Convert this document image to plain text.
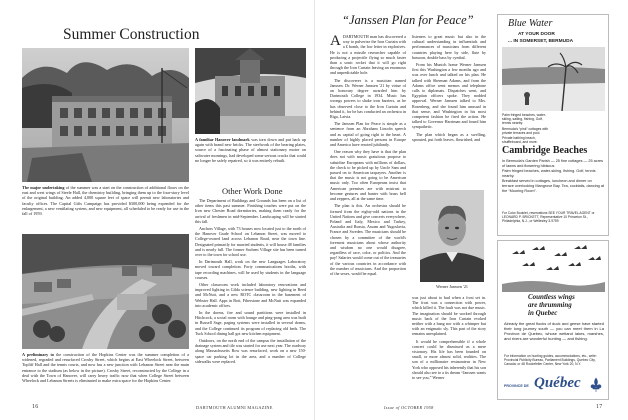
Summer Construction
The major undertaking of the summer was a start on the construction of additional floors on the east and west wings of Steele Hall, the chemistry building, bringing them up to the four-story level of the original building. An added 4,000 square feet of space will permit new laboratories and faculty offices. The Capital Gifts Campaign has provided $300,000 being expended for the enlargement, a new ventilating system, and new equipment, all scheduled to be ready for use in the fall of 1959.
A familiar Hanover landmark was torn down and put back up again with brand new bricks. The steelwork of the bearing plates, source of a fascinating phase of almost stationary motor on saltwater mornings, had developed some serious cracks that could no longer be safely repaired, so it was entirely rebuilt.
Other Work Done

The Department of Buildings and Grounds has been on a list of other items this past summer. Finishing touches were put on the Iron new Chester Road dormitories, making them ready for the arrival of freshmen in mid-September. Landscaping will be started this fall.

Anchors Village, with 73 houses now located just to the north of the Hanover Grade School on Lebanon Street, was moved to College-owned land across Lebanon Road, near the town line. Designated primarily for married students, it will house 48 families and is nearly full. The former Sachem Village site has been turned over to the town for school use.

In Dartmouth Hall, work on the new Languages Laboratory moved toward completion. Forty communications booths, with tape recording machines, will be used by students in the language courses.

Other classroom work included laboratory renovations and improved lighting in Gilda science building, new lighting in Reed and McNutt, and a new ROTC classroom in the basement of Webster Hall. Apps in Bott, Fiberstone and McNutt was expanded into academic offices.

In the dorms, fire and sound partitions were installed in Hitchcock, a social room with lounge and ping-pong area was built in Russell Sage, paging systems were installed in several dorms, and the College continued its program of replacing old beds. The Tuck School dining hall got new kitchen equipment.

Outdoors, on the north end of the campus the installation of the drainage system and tile was started for use next year. The roadway along Massachusetts Row was resurfaced, work on a new 150-space car parking lot in the area, and a number of College sidewalks were replaced.

A preliminary to the construction of the Hopkins Center was the summer completion of a widened, regraded and resurfaced Crosby Street, which begins at East Wheelock Street, between Topliff Hall and the tennis courts, and now has a new junction with Lebanon Street near the main entrance to the stadium (as below in the picture). Crosby Street, reconstructed by the College in a deal with the Town of Hanover, will carry heavy traffic now that when College Street between Wheelock and Lebanon Streets is eliminated to make extra space for the Hopkins Center.
16	DARTMOUTH ALUMNI MAGAZINE
“Janssen Plan for Peace”
A DARTMOUTH man has discovered a way to pulverize the Iron Curtain with a £ bomb, the low letter in explosives. He is not a missile researcher capable of producing a projectile flying so much faster than a sonic rocket that it will go right through the Iron Curtain leaving an enormous and unpredictable hole.

The discoverer is a musician named Janssen. Dr. Werner Janssen '21 by virtue of an honorary degree awarded him by Dartmouth College in 1934. Music has wrongs powers to shake iron barriers, as he has observed close to the Iron Curtain and behind it, for he has conducted an orchestra in Riga, Latvia.

The Janssen Plan for Peace is simple as a sentence from an Abraham Lincoln speech and as capital of going right to the heart. A number of highly placed persons in Europe and America have reacted jubilantly.

One reason why they have is that the plan does not with music gratuitous propose to subsidize Europeans with millions of dollars, the check to be picked up by Uncle Sam and passed on to American taxpayers. Another is that the music is not going to be American music only. Too often Europeans insist that American premises are with mistrust to become gestures and banter with brass bell and zeppers, all at the same time.

The plan is this. An orchestra should be formed from the eighty-odd nations in the United Nations and give concerts everywhere, Poland and Italy, Mexico and Turkey, Australia and Russia, Assam and Yugoslavia, France and Sweden. The musicians should be chosen by a committee of the world's foremost musicians about whose authority and wisdom no one would disagree, regardless of race, color, or politics. And the pay! Salaries would come out of the treasuries of the various countries in accordance with the number of musicians. And the proportion of the sexes, would be equal.

listeners to great music but also in the cultural understanding in influentials and performances of musicians from different countries playing here by side, flute by bassoon, double bass by cymbal.

From his Munich home Werner Janssen first this Washington a few months ago and was over lunch and talked on his plan. He talked with Sherman Adams, and from the Adams office went memos and telephone calls to diplomats. Dispatches went, and Egyptian officers spoke. They nodded approval. Werner Janssen talked to Mrs. Rosenberg, and she found him unusual in that sense, and Washington in his most competent fashion he fired the action. He talked to Governor Harriman and found him sympathetic.

The plan which began as a swelling, sprouted, put forth leaves, flourished, and

Werner Janssen '21

was just about to bud when a frost set in. The frost was a connection with power, which killed it. The fault was not due music. The imagination should be worked through music back of the Iron Curtain evoked neither with a bang nor with a whimper but with an enigmatic sly. This part of the story remains unexplained.

It would be comprehensible if a whole concert could be dismissed as a mere visionary. His life has been founded on small, or more almost solid, realities. The son of a millionaire restaurateur in New York who opposed his inherently that his son should also see to a its dream “Janssen wants to see you,” Werner

Issue of OCTOBER 1958	17
Blue Water
AT YOUR DOOR
... IN SOMERSET, BERMUDA
Palm fringed beaches, water-skiing, sailing, fishing, Golf, tennis nearby.
Bermuda's “pink” cottages with private terraces and pool.
Private bathing beach, shuffleboard, and more.
Cambridge Beaches
In Bermuda's Garden Parish — 25 fine cottages — 25 acres of lawns and flowering hibiscus
Palm fringed beaches, water-skiing, fishing. Golf, tennis nearby.
Breakfast served in cottages, luncheon and dinner on terrace overlooking Mangrove Bay. Tea, cocktails, dancing at the “Mooring Room”.
For Color Booklet, reservations SEE YOUR TRAVEL AGENT or LEONARD P. BRICKETT, Representative 10 Princeton St., Philadelphia, N.J., or Wellesley 3-9759
Countless wings
are thrumming
in Quebec
Already the great flocks of duck and geese have started their long journey south — you can meet them in La Province de Quebec, whose wetland lakes, marshes, and rivers are wonderful hunting — and fishing.
For information on hunting guides, accommodations, etc., write: Provincial Publicity Bureau, Parliament Buildings, Quebec City, Canada; or 48 Rockefeller Center, New York 20, N.Y.
PROVINCE DE Québec
